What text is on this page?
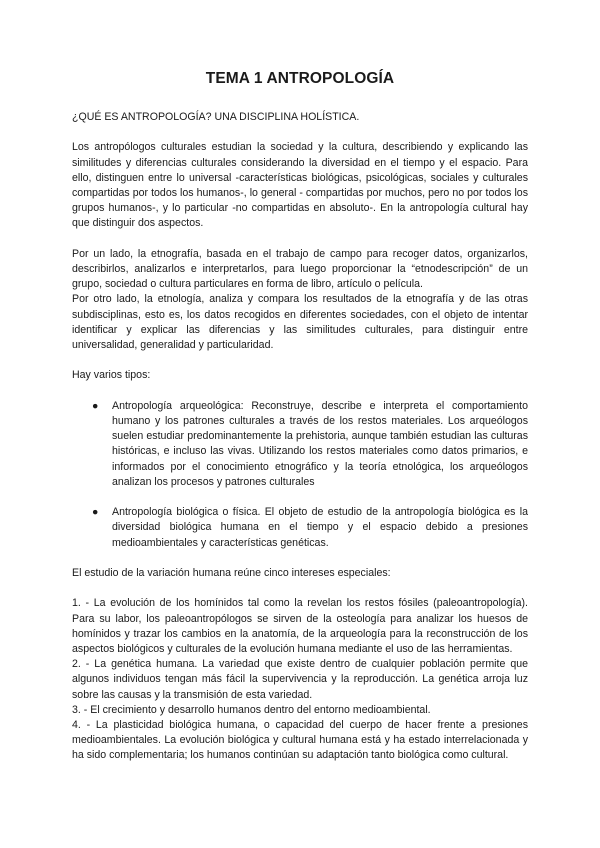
TEMA 1 ANTROPOLOGÍA

¿QUÉ ES ANTROPOLOGÍA? UNA DISCIPLINA HOLÍSTICA.

Los antropólogos culturales estudian la sociedad y la cultura, describiendo y explicando las similitudes y diferencias culturales considerando la diversidad en el tiempo y el espacio. Para ello, distinguen entre lo universal -características biológicas, psicológicas, sociales y culturales compartidas por todos los humanos-, lo general - compartidas por muchos, pero no por todos los grupos humanos-, y lo particular -no compartidas en absoluto-. En la antropología cultural hay que distinguir dos aspectos.

Por un lado, la etnografía, basada en el trabajo de campo para recoger datos, organizarlos, describirlos, analizarlos e interpretarlos, para luego proporcionar la “etnodescripción” de un grupo, sociedad o cultura particulares en forma de libro, artículo o película.

Por otro lado, la etnología, analiza y compara los resultados de la etnografía y de las otras subdisciplinas, esto es, los datos recogidos en diferentes sociedades, con el objeto de intentar identificar y explicar las diferencias y las similitudes culturales, para distinguir entre universalidad, generalidad y particularidad.

Hay varios tipos:

● Antropología arqueológica: Reconstruye, describe e interpreta el comportamiento humano y los patrones culturales a través de los restos materiales. Los arqueólogos suelen estudiar predominantemente la prehistoria, aunque también estudian las culturas históricas, e incluso las vivas. Utilizando los restos materiales como datos primarios, e informados por el conocimiento etnográfico y la teoría etnológica, los arqueólogos analizan los procesos y patrones culturales
● Antropología biológica o física. El objeto de estudio de la antropología biológica es la diversidad biológica humana en el tiempo y el espacio debido a presiones medioambientales y características genéticas.

El estudio de la variación humana reúne cinco intereses especiales:

1. - La evolución de los homínidos tal como la revelan los restos fósiles (paleoantropología). Para su labor, los paleoantropólogos se sirven de la osteología para analizar los huesos de homínidos y trazar los cambios en la anatomía, de la arqueología para la reconstrucción de los aspectos biológicos y culturales de la evolución humana mediante el uso de las herramientas.

2. - La genética humana. La variedad que existe dentro de cualquier población permite que algunos individuos tengan más fácil la supervivencia y la reproducción. La genética arroja luz sobre las causas y la transmisión de esta variedad.

3. - El crecimiento y desarrollo humanos dentro del entorno medioambiental.

4. - La plasticidad biológica humana, o capacidad del cuerpo de hacer frente a presiones medioambientales. La evolución biológica y cultural humana está y ha estado interrelacionada y ha sido complementaria; los humanos continúan su adaptación tanto biológica como cultural.
